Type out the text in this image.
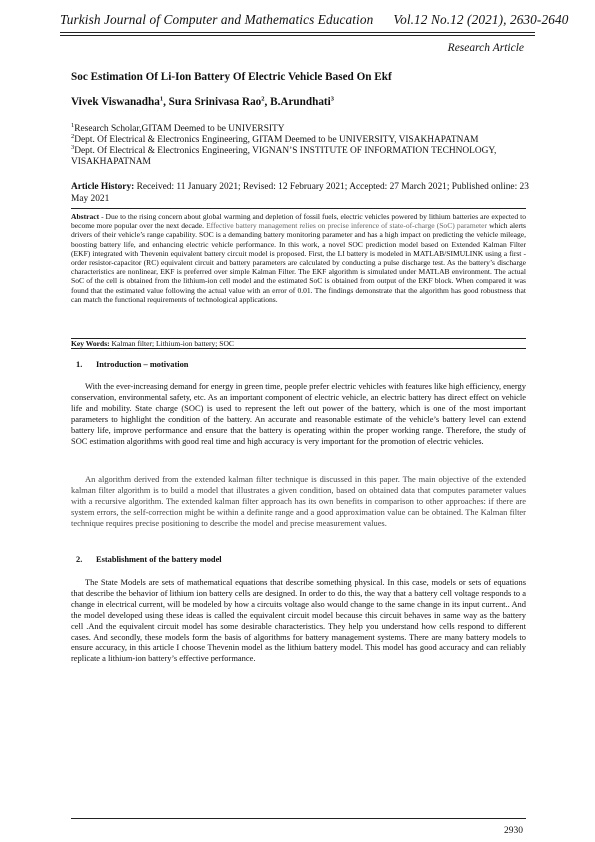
Turkish Journal of Computer and Mathematics Education Vol.12 No.12 (2021), 2630-2640
Research Article
Soc Estimation Of Li-Ion Battery Of Electric Vehicle Based On Ekf
Vivek Viswanadha$^1$, Sura Srinivasa Rao$^2$, B.Arundhati$^3$
$^1$Research Scholar,GITAM Deemed to be UNIVERSITY
$^2$Dept. Of Electrical & Electronics Engineering, GITAM Deemed to be UNIVERSITY, VISAKHAPATNAM
$^3$Dept. Of Electrical & Electronics Engineering, VIGNAN’S INSTITUTE OF INFORMATION TECHNOLOGY, VISAKHAPATNAM
Article History: Received: 11 January 2021; Revised: 12 February 2021; Accepted: 27 March 2021; Published online: 23 May 2021
Abstract - Due to the rising concern about global warming and depletion of fossil fuels, electric vehicles powered by lithium batteries are expected to become more popular over the next decade. Effective battery management relies on precise inference of state-of-charge (SoC) parameter which alerts drivers of their vehicle’s range capability. SOC is a demanding battery monitoring parameter and has a high impact on predicting the vehicle mileage, boosting battery life, and enhancing electric vehicle performance. In this work, a novel SOC prediction model based on Extended Kalman Filter (EKF) integrated with Thevenin equivalent battery circuit model is proposed. First, the LI battery is modeled in MATLAB/SIMULINK using a first - order resistor-capacitor (RC) equivalent circuit and battery parameters are calculated by conducting a pulse discharge test. As the battery’s discharge characteristics are nonlinear, EKF is preferred over simple Kalman Filter. The EKF algorithm is simulated under MATLAB environment. The actual SoC of the cell is obtained from the lithium-ion cell model and the estimated SoC is obtained from output of the EKF block. When compared it was found that the estimated value following the actual value with an error of 0.01. The findings demonstrate that the algorithm has good robustness that can match the functional requirements of technological applications.
Key Words: Kalman filter; Lithium-ion battery; SOC
1. Introduction – motivation
With the ever-increasing demand for energy in green time, people prefer electric vehicles with features like high efficiency, energy conservation, environmental safety, etc. As an important component of electric vehicle, an electric battery has direct effect on vehicle life and mobility. State charge (SOC) is used to represent the left out power of the battery, which is one of the most important parameters to highlight the condition of the battery. An accurate and reasonable estimate of the vehicle’s battery level can extend battery life, improve performance and ensure that the battery is operating within the proper working range. Therefore, the study of SOC estimation algorithms with good real time and high accuracy is very important for the promotion of electric vehicles.
An algorithm derived from the extended kalman filter technique is discussed in this paper. The main objective of the extended kalman filter algorithm is to build a model that illustrates a given condition, based on obtained data that computes parameter values with a recursive algorithm. The extended kalman filter approach has its own benefits in comparison to other approaches: if there are system errors, the self-correction might be within a definite range and a good approximation value can be obtained. The Kalman filter technique requires precise positioning to describe the model and precise measurement values.
2. Establishment of the battery model
The State Models are sets of mathematical equations that describe something physical. In this case, models or sets of equations that describe the behavior of lithium ion battery cells are designed. In order to do this, the way that a battery cell voltage responds to a change in electrical current, will be modeled by how a circuits voltage also would change to the same change in its input current.. And the model developed using these ideas is called the equivalent circuit model because this circuit behaves in same way as the battery cell .And the equivalent circuit model has some desirable characteristics. They help you understand how cells respond to different cases. And secondly, these models form the basis of algorithms for battery management systems. There are many battery models to ensure accuracy, in this article I choose Thevenin model as the lithium battery model. This model has good accuracy and can reliably replicate a lithium-ion battery’s effective performance.
2930
